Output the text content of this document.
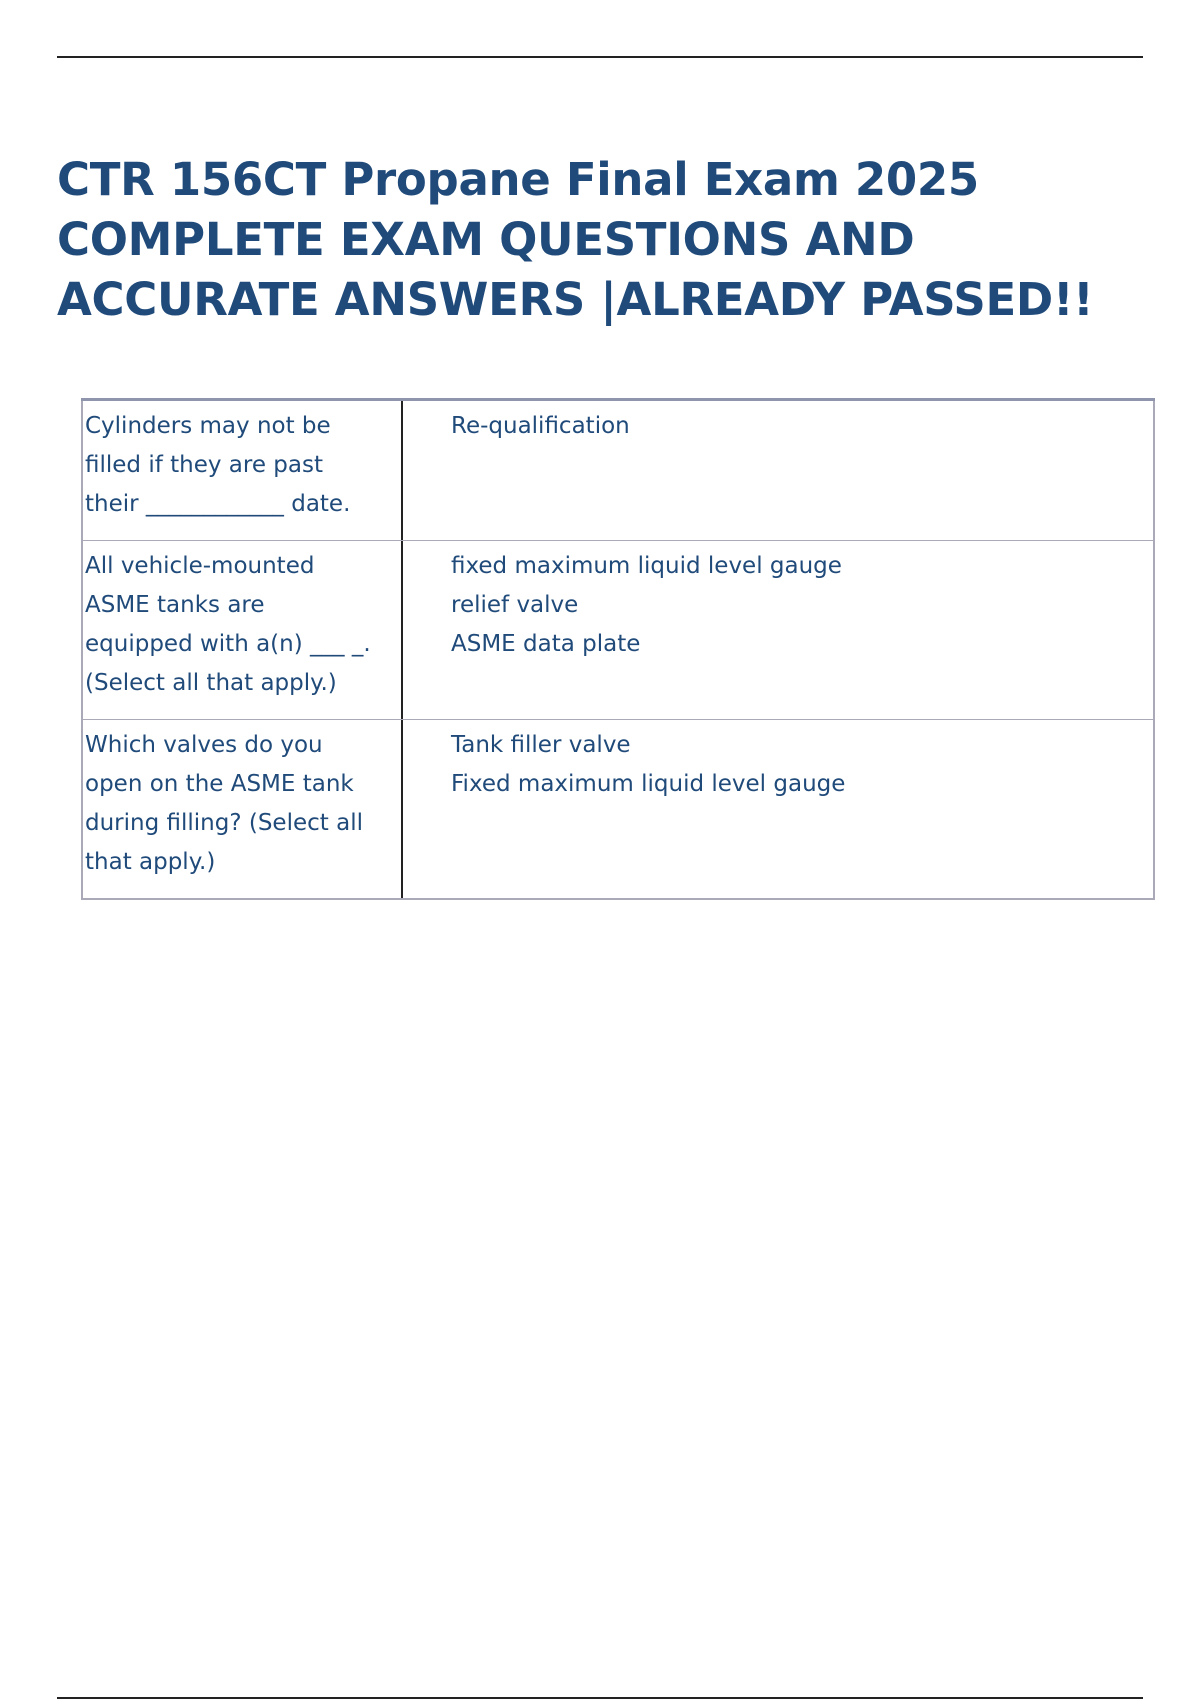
CTR 156CT Propane Final Exam 2025 COMPLETE EXAM QUESTIONS AND ACCURATE ANSWERS |ALREADY PASSED!!
Cylinders may not be filled if they are past their ____________ date.	Re-qualification

All vehicle-mounted ASME tanks are equipped with a(n) ___ _. (Select all that apply.)	fixed maximum liquid level gauge
relief valve
ASME data plate

Which valves do you open on the ASME tank during filling? (Select all that apply.)	Tank filler valve
Fixed maximum liquid level gauge
